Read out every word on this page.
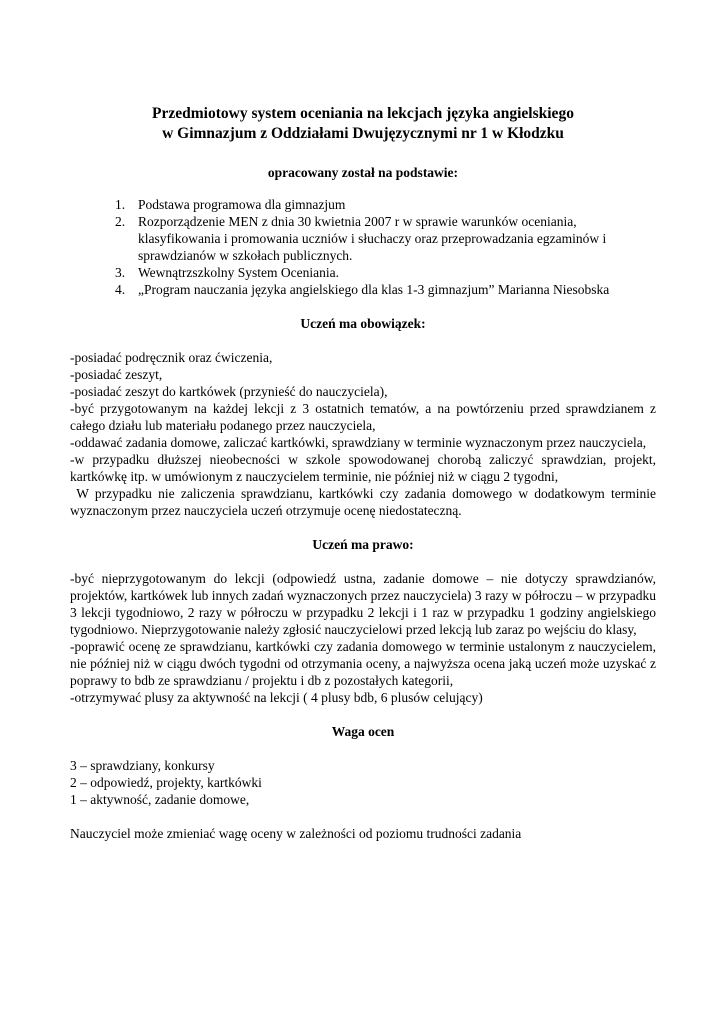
Przedmiotowy system oceniania na lekcjach języka angielskiego

w Gimnazjum z Oddziałami Dwujęzycznymi nr 1 w Kłodzku

opracowany został na podstawie:

1. Podstawa programowa dla gimnazjum
2. Rozporządzenie MEN z dnia 30 kwietnia 2007 r w sprawie warunków oceniania, klasyfikowania i promowania uczniów i słuchaczy oraz przeprowadzania egzaminów i sprawdzianów w szkołach publicznych.
3. Wewnątrzszkolny System Oceniania.
4. „Program nauczania języka angielskiego dla klas 1-3 gimnazjum” Marianna Niesobska

Uczeń ma obowiązek:

-posiadać podręcznik oraz ćwiczenia,

-posiadać zeszyt,

-posiadać zeszyt do kartkówek (przynieść do nauczyciela),

-być przygotowanym na każdej lekcji z 3 ostatnich tematów, a na powtórzeniu przed sprawdzianem z całego działu lub materiału podanego przez nauczyciela,

-oddawać zadania domowe, zaliczać kartkówki, sprawdziany w terminie wyznaczonym przez nauczyciela,

-w przypadku dłuższej nieobecności w szkole spowodowanej chorobą zaliczyć sprawdzian, projekt, kartkówkę itp. w umówionym z nauczycielem terminie, nie później niż w ciągu 2 tygodni,

W przypadku nie zaliczenia sprawdzianu, kartkówki czy zadania domowego w dodatkowym terminie  wyznaczonym przez nauczyciela uczeń otrzymuje ocenę niedostateczną.

Uczeń ma prawo:

-być nieprzygotowanym do lekcji (odpowiedź ustna, zadanie domowe – nie dotyczy sprawdzianów, projektów, kartkówek lub innych zadań wyznaczonych przez nauczyciela) 3 razy w półroczu – w przypadku 3 lekcji tygodniowo, 2 razy w półroczu w przypadku 2 lekcji i 1 raz w przypadku 1 godziny angielskiego tygodniowo. Nieprzygotowanie należy zgłosić nauczycielowi przed lekcją lub zaraz po wejściu do klasy,

-poprawić ocenę ze sprawdzianu, kartkówki czy zadania domowego w terminie ustalonym z nauczycielem, nie później niż w ciągu dwóch tygodni od otrzymania oceny, a najwyższa ocena jaką uczeń może uzyskać z poprawy to bdb ze sprawdzianu / projektu i db z pozostałych kategorii,

-otrzymywać plusy za aktywność na lekcji ( 4 plusy bdb, 6 plusów celujący)

Waga ocen

3 – sprawdziany, konkursy

2 – odpowiedź, projekty, kartkówki

1 – aktywność, zadanie domowe,

Nauczyciel może zmieniać wagę oceny w zależności od poziomu trudności zadania
